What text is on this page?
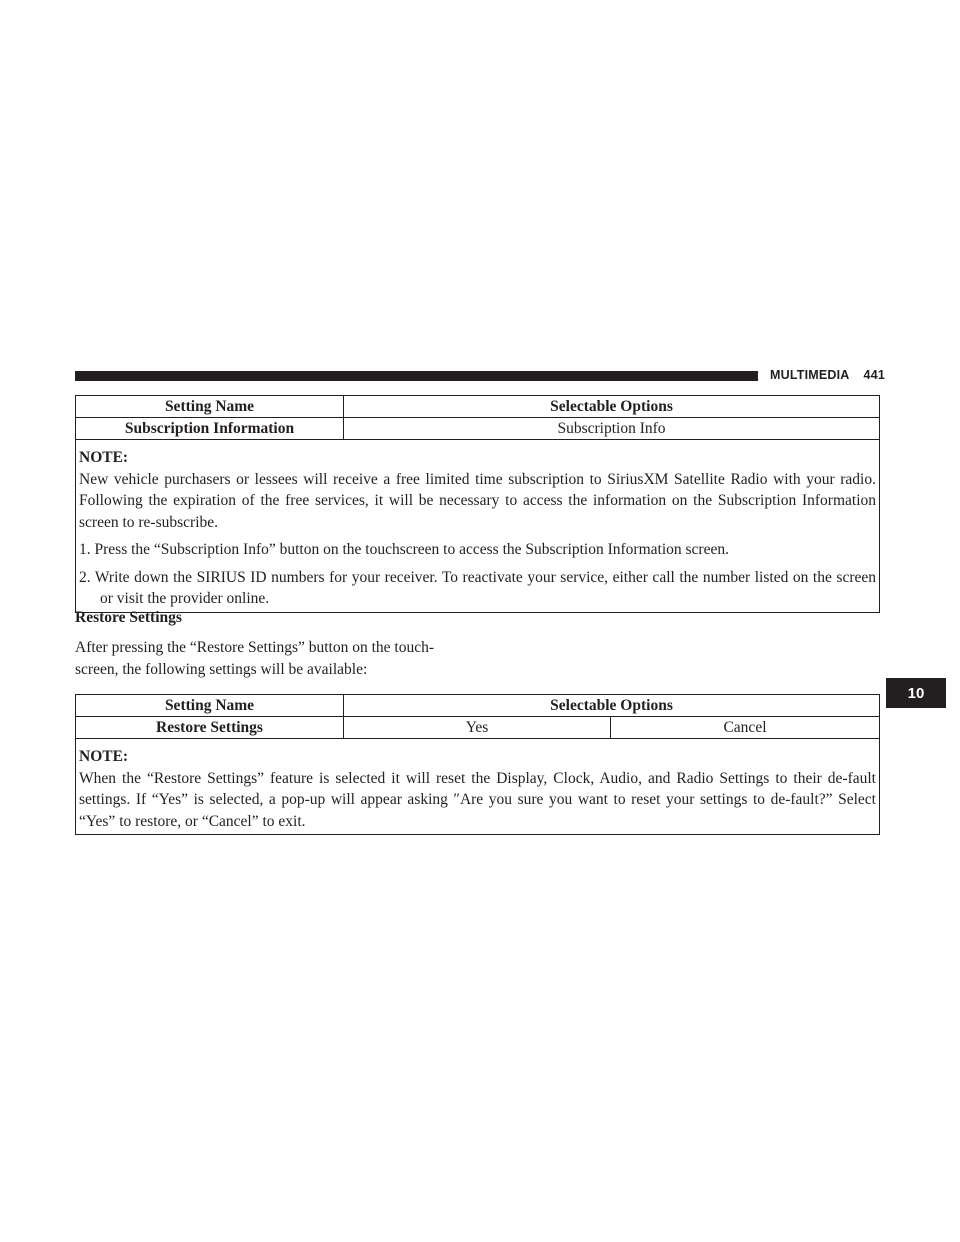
MULTIMEDIA 441
10
Setting Name	Selectable Options
Subscription Information	Subscription Info

NOTE:

New vehicle purchasers or lessees will receive a free limited time subscription to SiriusXM Satellite Radio with your radio. Following the expiration of the free services, it will be necessary to access the information on the Subscription Information screen to re-subscribe.

1. Press the “Subscription Info” button on the touchscreen to access the Subscription Information screen.
2. Write down the SIRIUS ID numbers for your receiver. To reactivate your service, either call the number listed on the screen or visit the provider online.
Restore Settings
After pressing the “Restore Settings” button on the touch-screen, the following settings will be available:
Setting Name	Selectable Options
Restore Settings	Yes	Cancel

NOTE:

When the “Restore Settings” feature is selected it will reset the Display, Clock, Audio, and Radio Settings to their de-fault settings. If “Yes” is selected, a pop-up will appear asking ″Are you sure you want to reset your settings to de-fault?” Select “Yes” to restore, or “Cancel” to exit.
